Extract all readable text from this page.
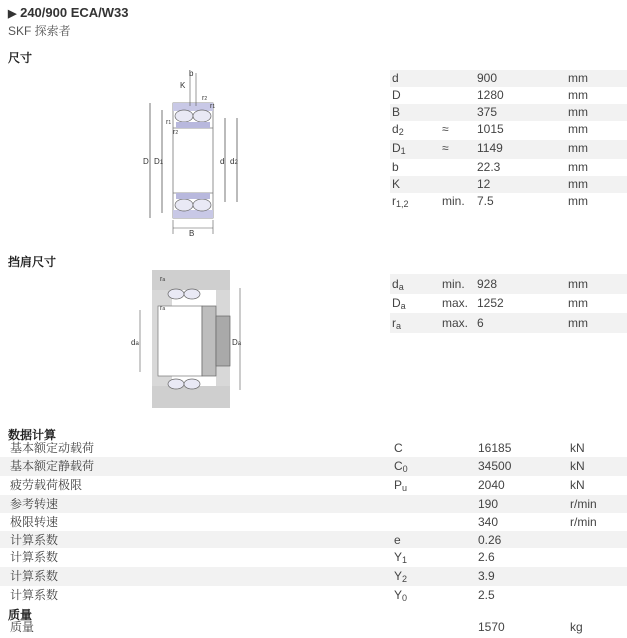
▶ 240/900 ECA/W33
SKF 探索者
尺寸
b
K
r2
r1
r1
r2
D D1	d d2
B
d	900	mm
D	1280	mm
B	375	mm
$d_2$	≈ 1015	mm
$D_1$	≈ 1149	mm
b	22.3	mm
K	12	mm
$r_{1,2}$	min. 7.5	mm
挡肩尺寸
ra
ra
da	Da
$d_a$	min. 928	mm
$D_a$	max. 1252	mm
$r_a$	max. 6	mm
数据计算
基本额定动载荷	C	16185	kN
基本额定静载荷	$C_0$	34500	kN
疲劳载荷极限	$P_u$	2040	kN
参考转速	190	r/min
极限转速	340	r/min
计算系数	e	0.26
计算系数	$Y_1$	2.6
计算系数	$Y_2$	3.9
计算系数	$Y_0$	2.5
质量
质量	1570	kg
